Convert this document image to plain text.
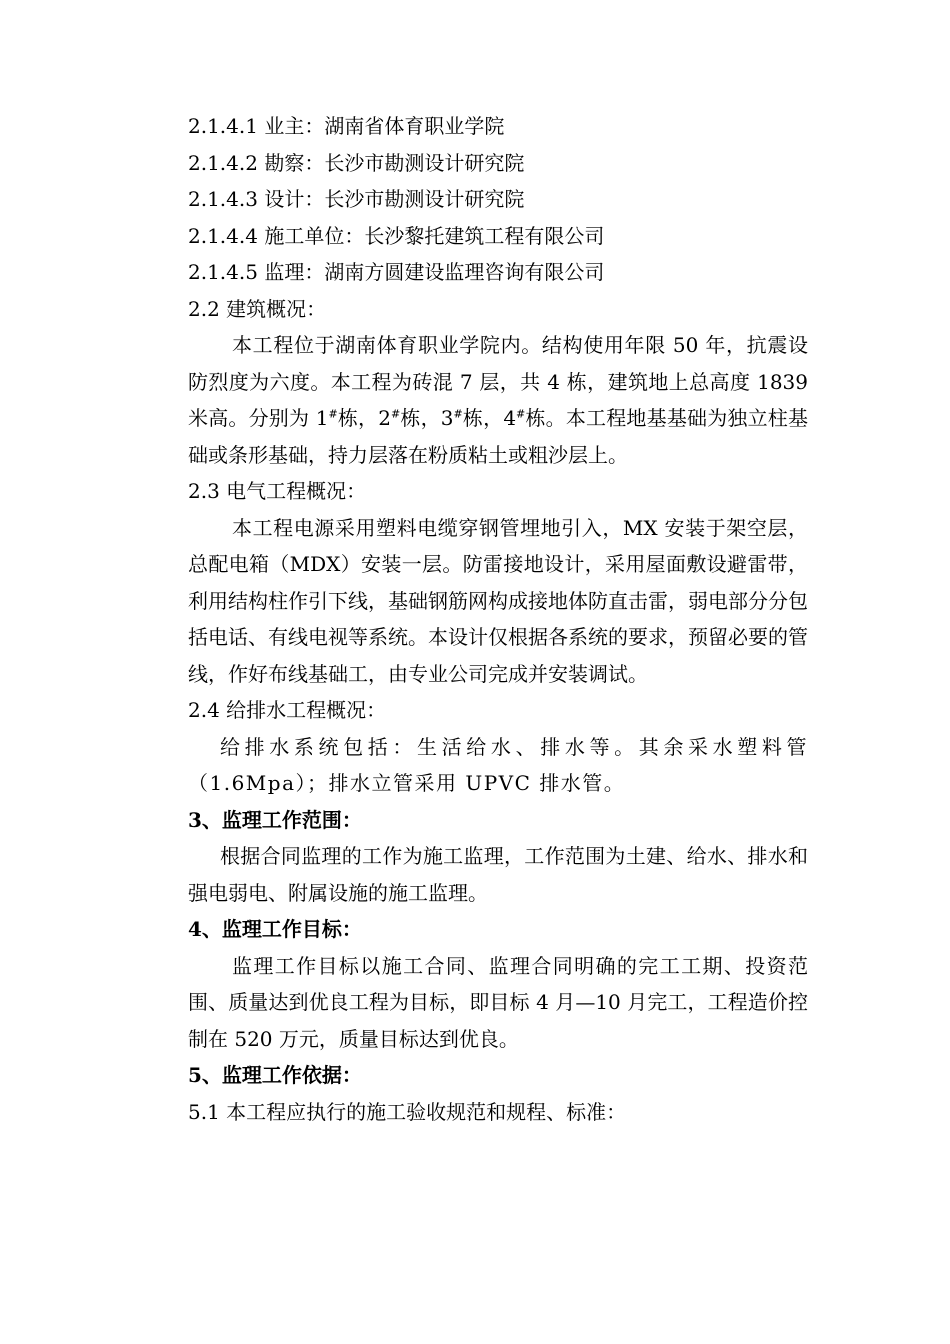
2.1.4.1 业主：湖南省体育职业学院
2.1.4.2 勘察：长沙市勘测设计研究院
2.1.4.3 设计：长沙市勘测设计研究院
2.1.4.4 施工单位：长沙黎托建筑工程有限公司
2.1.4.5 监理：湖南方圆建设监理咨询有限公司
2.2 建筑概况：

本工程位于湖南体育职业学院内。结构使用年限 50 年，抗震设防烈度为六度。本工程为砖混 7 层，共 4 栋，建筑地上总高度 1839 米高。分别为 1#栋，2#栋，3#栋，4#栋。本工程地基基础为独立柱基础或条形基础，持力层落在粉质粘土或粗沙层上。

2.3 电气工程概况：

本工程电源采用塑料电缆穿钢管埋地引入，MX 安装于架空层，总配电箱（MDX）安装一层。防雷接地设计，采用屋面敷设避雷带，利用结构柱作引下线，基础钢筋网构成接地体防直击雷，弱电部分分包括电话、有线电视等系统。本设计仅根据各系统的要求，预留必要的管线，作好布线基础工，由专业公司完成并安装调试。

2.4 给排水工程概况：

给排水系统包括：生活给水、排水等。其余采水塑料管（1.6Mpa）；排水立管采用 UPVC 排水管。

3、监理工作范围：

根据合同监理的工作为施工监理，工作范围为土建、给水、排水和强电弱电、附属设施的施工监理。

4、监理工作目标：

监理工作目标以施工合同、监理合同明确的完工工期、投资范围、质量达到优良工程为目标，即目标 4 月—10 月完工，工程造价控制在 520 万元，质量目标达到优良。

5、监理工作依据：
5.1 本工程应执行的施工验收规范和规程、标准：
